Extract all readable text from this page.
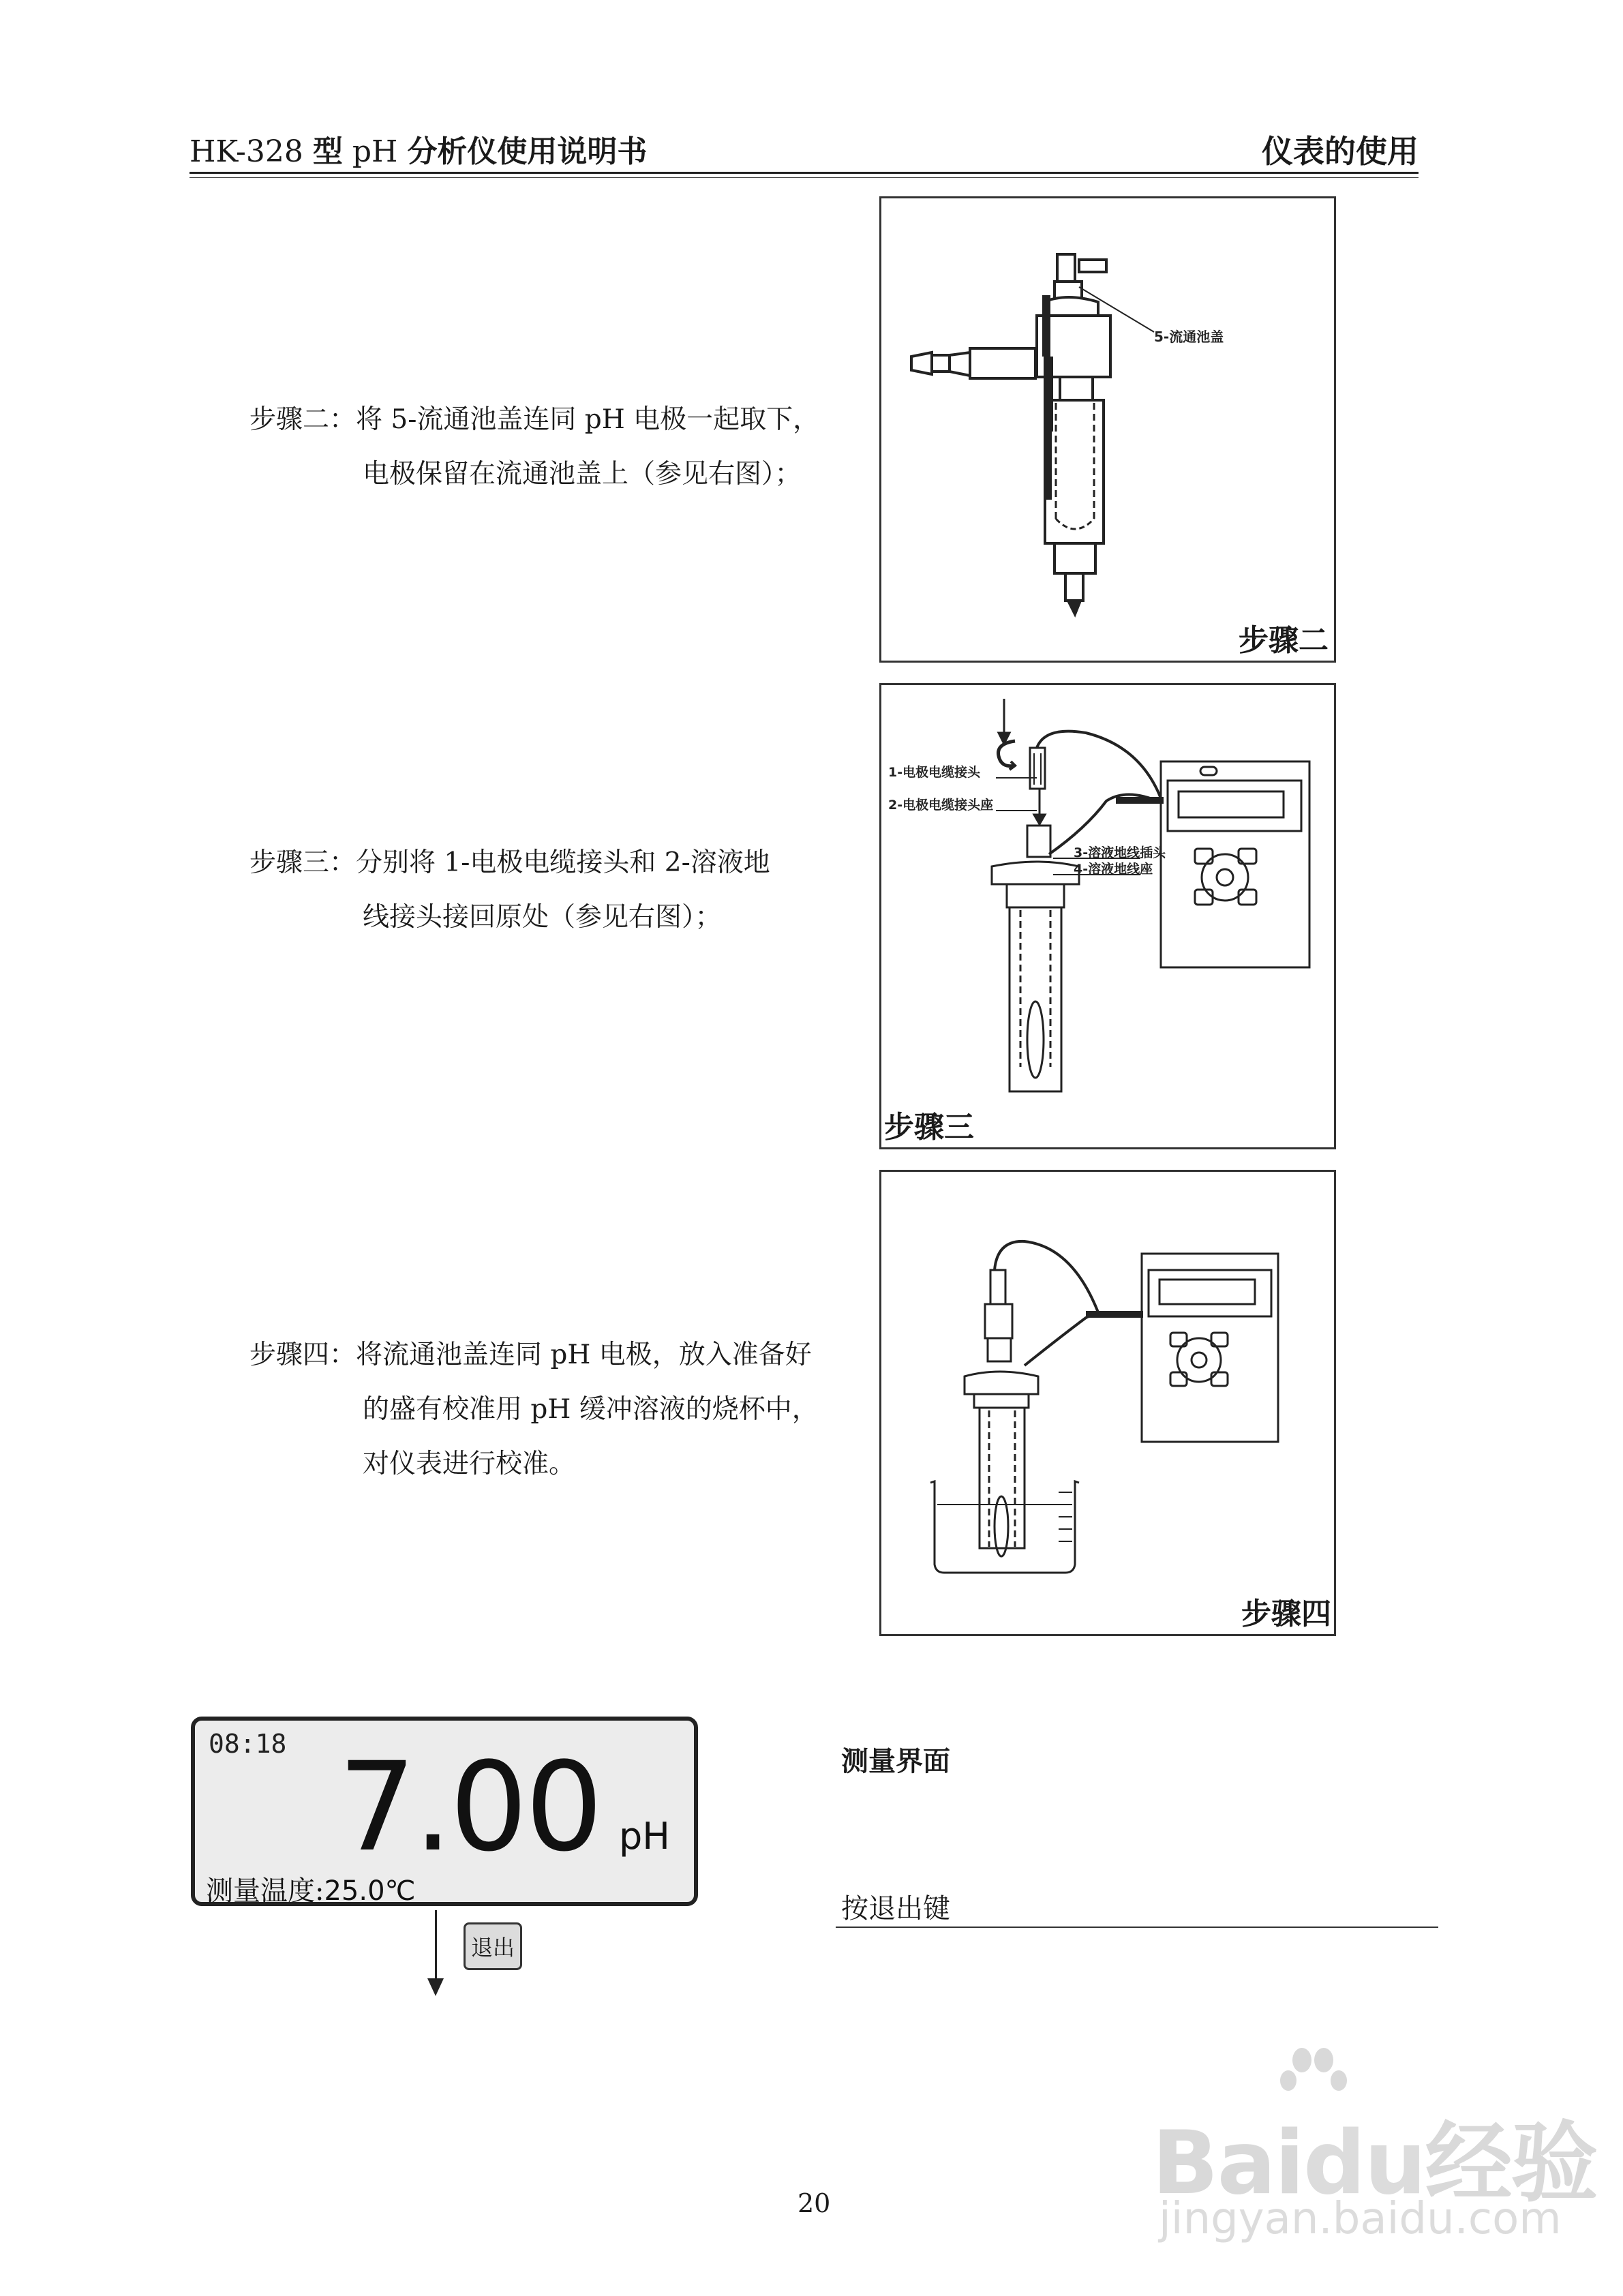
HK-328 型 pH 分析仪使用说明书	仪表的使用
步骤二：将 5-流通池盖连同 pH 电极一起取下，
电极保留在流通池盖上（参见右图）；
步骤三：分别将 1-电极电缆接头和 2-溶液地
线接头接回原处（参见右图）；
步骤四：将流通池盖连同 pH 电极，放入准备好
的盛有校准用 pH 缓冲溶液的烧杯中，
对仪表进行校准。
5-流通池盖
步骤二
1-电极电缆接头
2-电极电缆接头座
3-溶液地线插头
4-溶液地线座
步骤三
步骤四
08:18 7.00 pH
测量温度:25.0℃
退出
测量界面
按退出键
20	Baidu经验
jingyan.baidu.com
